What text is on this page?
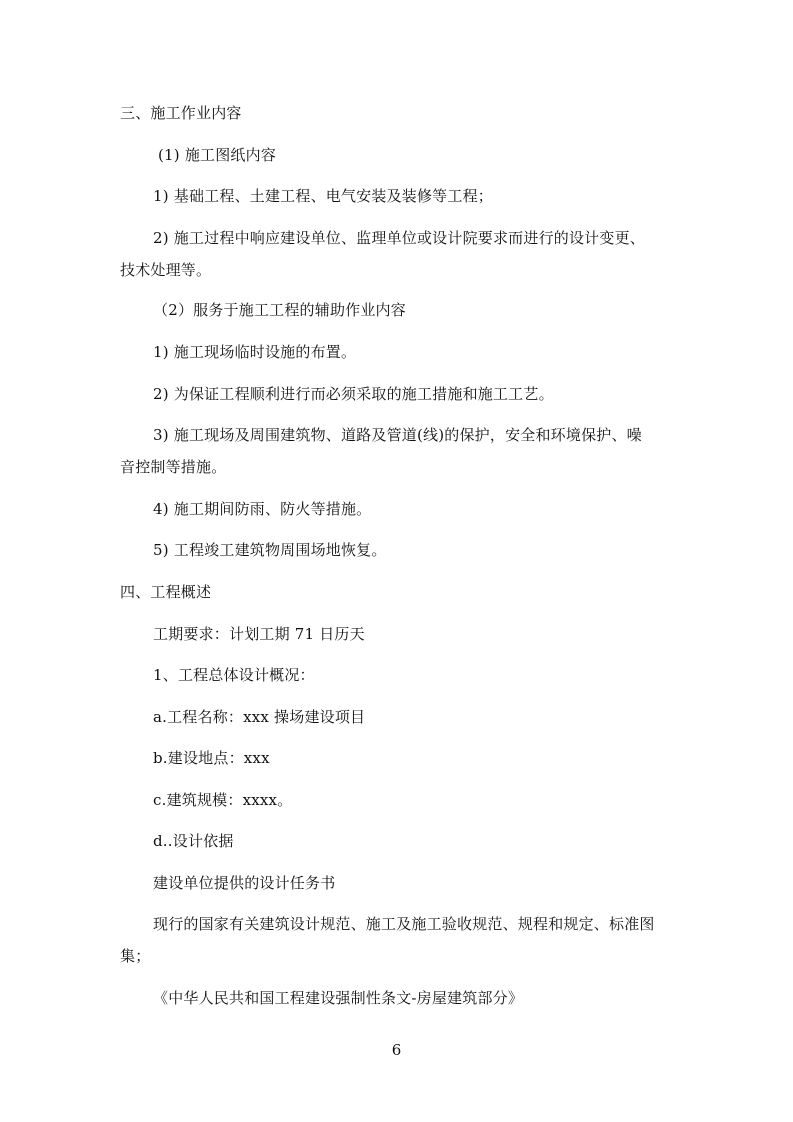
三、施工作业内容
(1) 施工图纸内容
1) 基础工程、土建工程、电气安装及装修等工程；
2) 施工过程中响应建设单位、监理单位或设计院要求而进行的设计变更、
技术处理等。
（2）服务于施工工程的辅助作业内容
1) 施工现场临时设施的布置。
2) 为保证工程顺利进行而必须采取的施工措施和施工工艺。
3) 施工现场及周围建筑物、道路及管道(线)的保护，安全和环境保护、噪
音控制等措施。
4) 施工期间防雨、防火等措施。
5) 工程竣工建筑物周围场地恢复。
四、工程概述
工期要求：计划工期 71 日历天
1、工程总体设计概况：
a.工程名称：xxx 操场建设项目
b.建设地点：xxx
c.建筑规模：xxxx。
d..设计依据
建设单位提供的设计任务书
现行的国家有关建筑设计规范、施工及施工验收规范、规程和规定、标准图
集；
《中华人民共和国工程建设强制性条文-房屋建筑部分》
6
